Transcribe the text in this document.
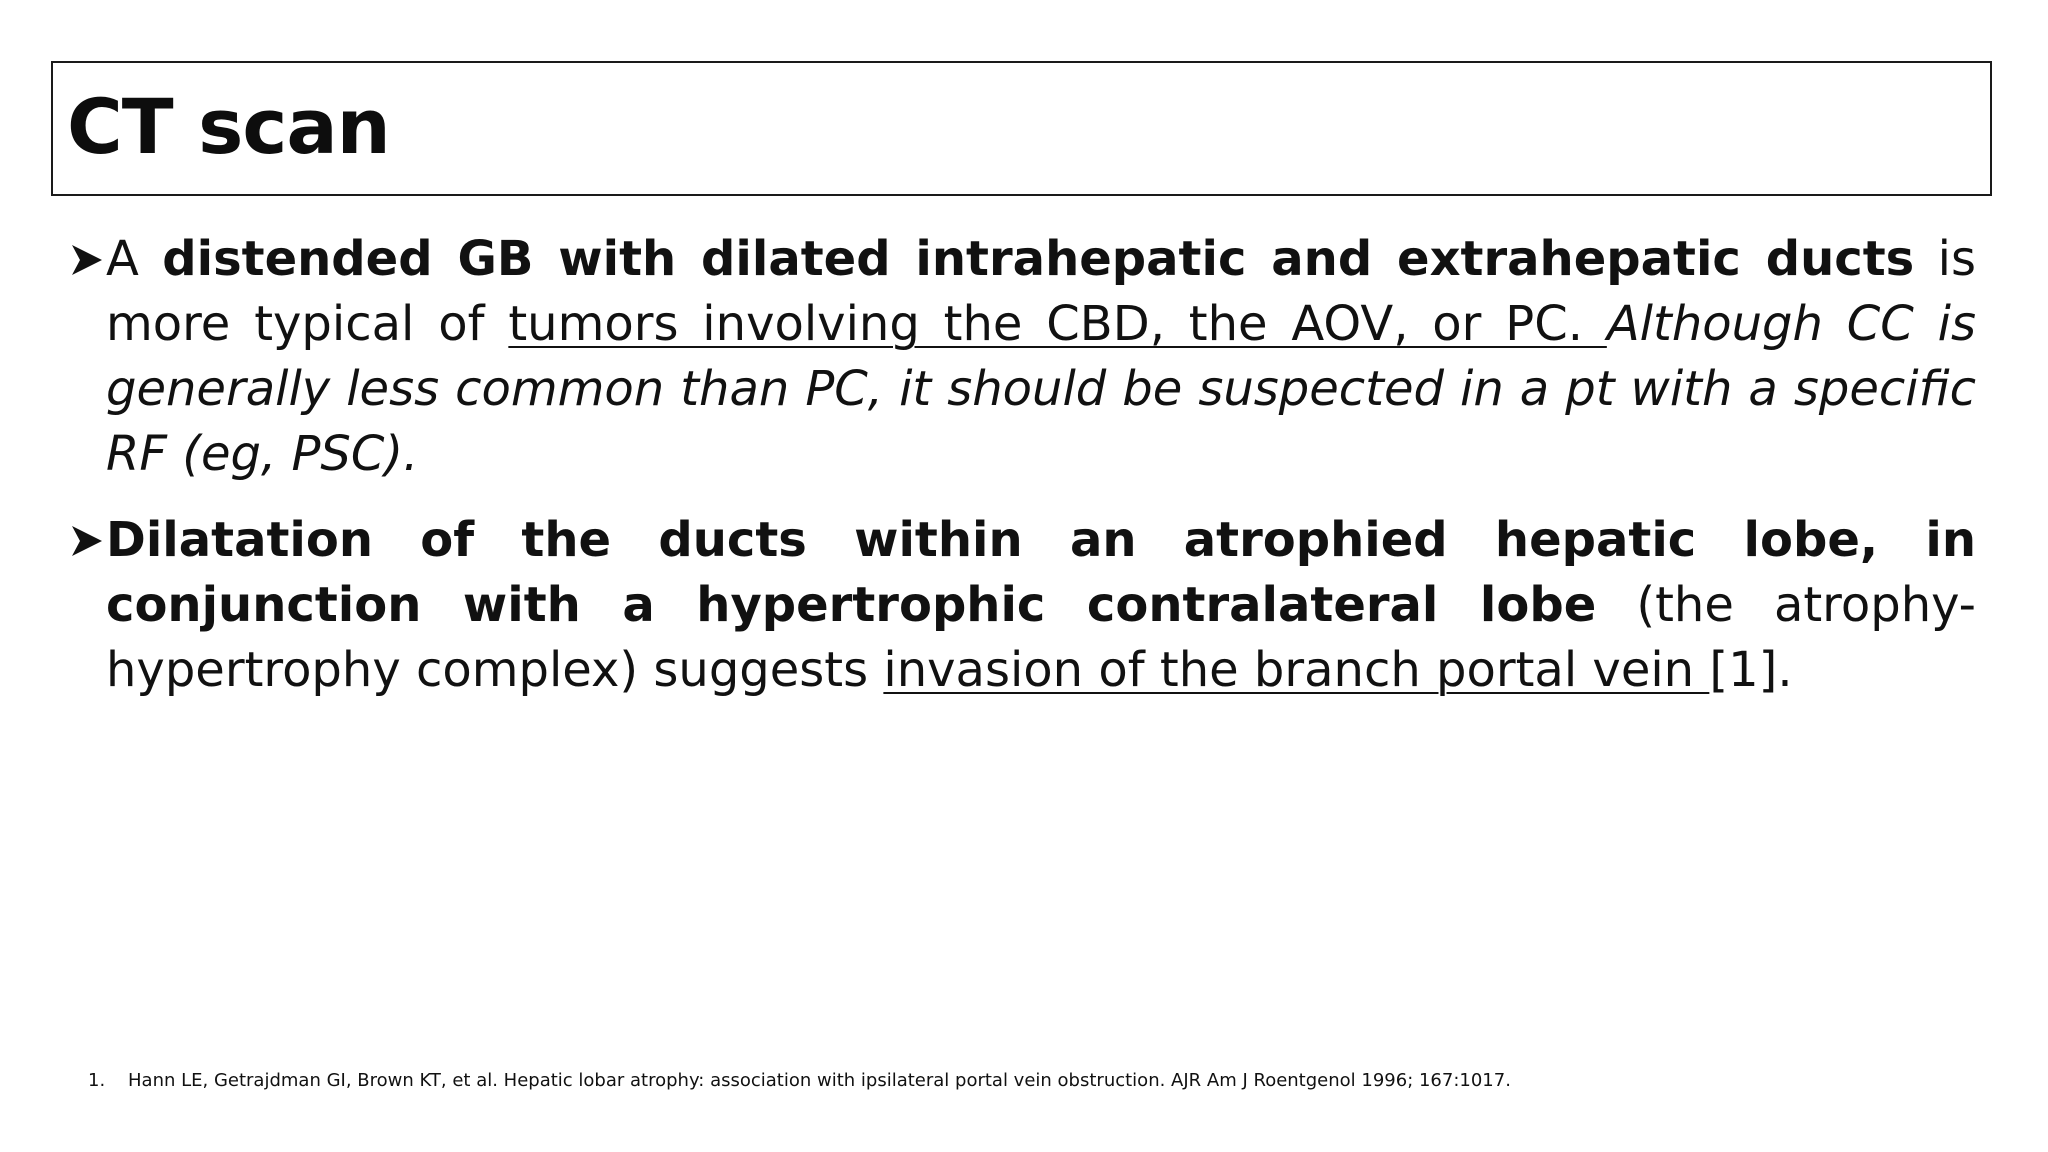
CT scan
A distended GB with dilated intrahepatic and extrahepatic ducts is more typical of tumors involving the CBD, the AOV, or PC. Although CC is generally less common than PC, it should be suspected in a pt with a specific RF (eg, PSC).
Dilatation of the ducts within an atrophied hepatic lobe, in conjunction with a hypertrophic contralateral lobe (the atrophy-hypertrophy complex) suggests invasion of the branch portal vein [1].
1. Hann LE, Getrajdman GI, Brown KT, et al. Hepatic lobar atrophy: association with ipsilateral portal vein obstruction. AJR Am J Roentgenol 1996; 167:1017.
